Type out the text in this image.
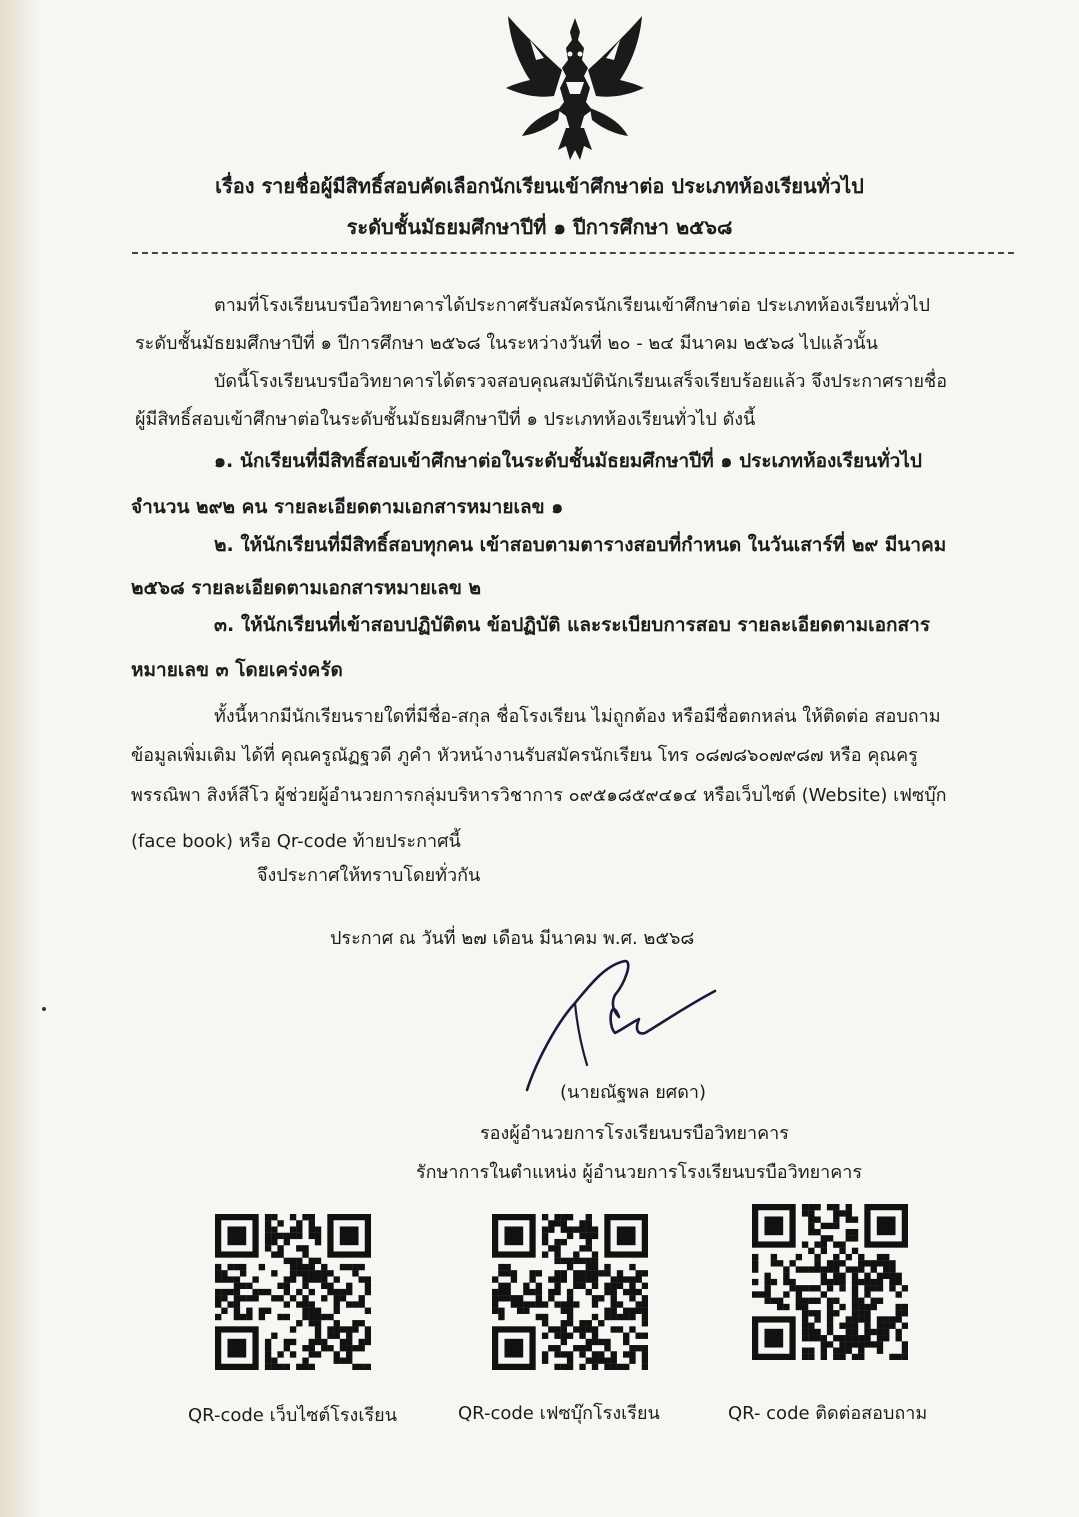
เรื่อง รายชื่อผู้มีสิทธิ์สอบคัดเลือกนักเรียนเข้าศึกษาต่อ ประเภทห้องเรียนทั่วไป
ระดับชั้นมัธยมศึกษาปีที่ ๑ ปีการศึกษา ๒๕๖๘
ตามที่โรงเรียนบรบือวิทยาคารได้ประกาศรับสมัครนักเรียนเข้าศึกษาต่อ ประเภทห้องเรียนทั่วไป
ระดับชั้นมัธยมศึกษาปีที่ ๑ ปีการศึกษา ๒๕๖๘ ในระหว่างวันที่ ๒๐ - ๒๔ มีนาคม ๒๕๖๘ ไปแล้วนั้น
บัดนี้โรงเรียนบรบือวิทยาคารได้ตรวจสอบคุณสมบัตินักเรียนเสร็จเรียบร้อยแล้ว จึงประกาศรายชื่อ
ผู้มีสิทธิ์สอบเข้าศึกษาต่อในระดับชั้นมัธยมศึกษาปีที่ ๑ ประเภทห้องเรียนทั่วไป ดังนี้
๑. นักเรียนที่มีสิทธิ์สอบเข้าศึกษาต่อในระดับชั้นมัธยมศึกษาปีที่ ๑ ประเภทห้องเรียนทั่วไป
จำนวน ๒๙๒ คน รายละเอียดตามเอกสารหมายเลข ๑
๒. ให้นักเรียนที่มีสิทธิ์สอบทุกคน เข้าสอบตามตารางสอบที่กำหนด ในวันเสาร์ที่ ๒๙ มีนาคม
๒๕๖๘ รายละเอียดตามเอกสารหมายเลข ๒
๓. ให้นักเรียนที่เข้าสอบปฏิบัติตน ข้อปฏิบัติ และระเบียบการสอบ รายละเอียดตามเอกสาร
หมายเลข ๓ โดยเคร่งครัด
ทั้งนี้หากมีนักเรียนรายใดที่มีชื่อ-สกุล ชื่อโรงเรียน ไม่ถูกต้อง หรือมีชื่อตกหล่น ให้ติดต่อ สอบถาม
ข้อมูลเพิ่มเติม ได้ที่ คุณครูณัฏฐวดี ภูคำ หัวหน้างานรับสมัครนักเรียน โทร ๐๘๗๘๖๐๗๙๘๗ หรือ คุณครู
พรรณิพา สิงห์สีโว ผู้ช่วยผู้อำนวยการกลุ่มบริหารวิชาการ ๐๙๕๑๘๕๙๔๑๔ หรือเว็บไซต์ (Website) เฟซบุ๊ก
(face book) หรือ Qr-code ท้ายประกาศนี้
จึงประกาศให้ทราบโดยทั่วกัน
ประกาศ ณ วันที่ ๒๗ เดือน มีนาคม พ.ศ. ๒๕๖๘
(นายณัฐพล ยศดา)
รองผู้อำนวยการโรงเรียนบรบือวิทยาคาร
รักษาการในตำแหน่ง ผู้อำนวยการโรงเรียนบรบือวิทยาคาร
QR-code เว็บไซต์โรงเรียน	QR-code เฟซบุ๊กโรงเรียน	QR- code ติดต่อสอบถาม
